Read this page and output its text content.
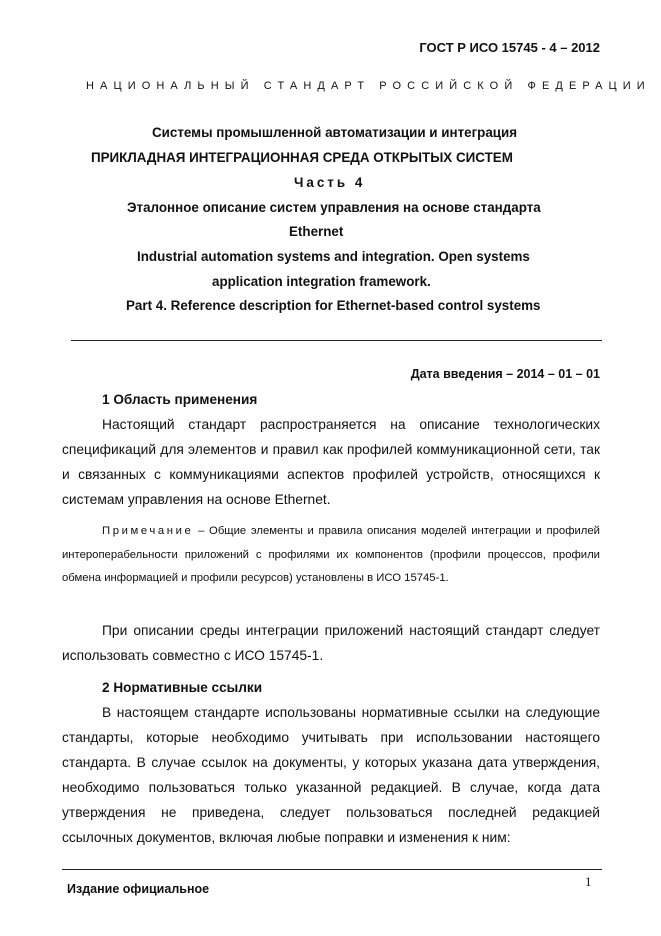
ГОСТ Р ИСО 15745 - 4 – 2012
НАЦИОНАЛЬНЫЙ СТАНДАРТ РОССИЙСКОЙ ФЕДЕРАЦИИ
Системы промышленной автоматизации и интеграция
ПРИКЛАДНАЯ ИНТЕГРАЦИОННАЯ СРЕДА ОТКРЫТЫХ СИСТЕМ
Часть 4
Эталонное описание систем управления на основе стандарта
Ethernet
Industrial automation systems and integration. Open systems
application integration framework.
Part 4. Reference description for Ethernet-based control systems
Дата введения – 2014 – 01 – 01
1 Область применения

Настоящий стандарт распространяется на описание технологических спецификаций для элементов и правил как профилей коммуникационной сети, так и связанных с коммуникациями аспектов профилей устройств, относящихся к системам управления на основе Ethernet.

Примечание – Общие элементы и правила описания моделей интеграции и профилей интероперабельности приложений с профилями их компонентов (профили процессов, профили обмена информацией и профили ресурсов) установлены в ИСО 15745-1.

При описании среды интеграции приложений настоящий стандарт следует использовать совместно с ИСО 15745-1.

2 Нормативные ссылки

В настоящем стандарте использованы нормативные ссылки на следующие стандарты, которые необходимо учитывать при использовании настоящего стандарта. В случае ссылок на документы, у которых указана дата утверждения, необходимо пользоваться только указанной редакцией. В случае, когда дата утверждения не приведена, следует пользоваться последней редакцией ссылочных документов, включая любые поправки и изменения к ним:

1
Издание официальное
